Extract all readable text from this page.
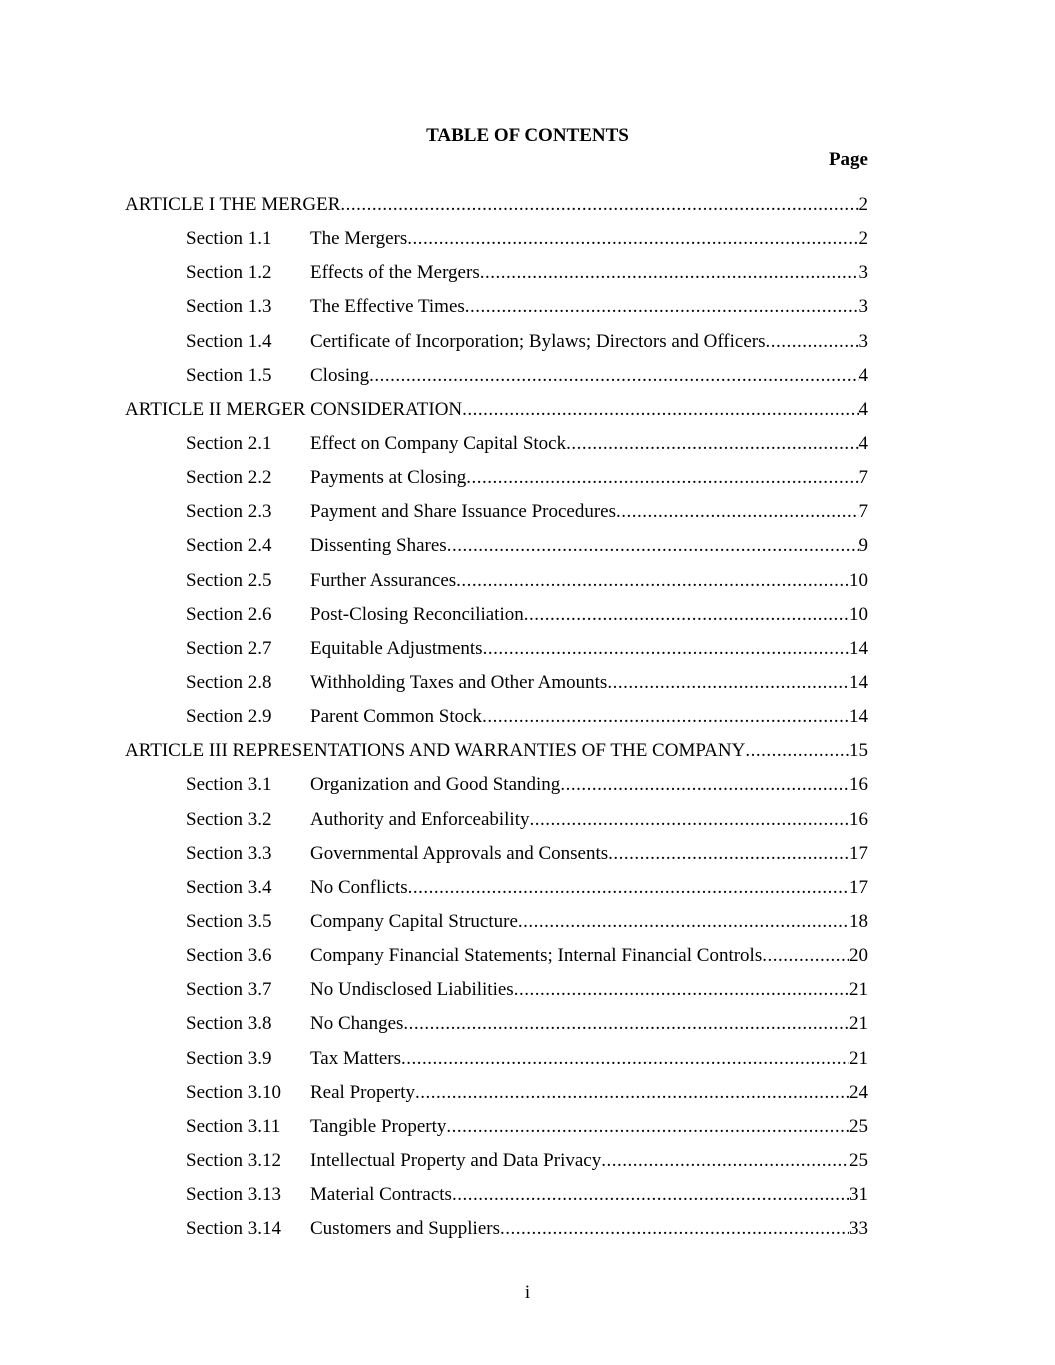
TABLE OF CONTENTS
Page
ARTICLE I THE MERGER .....	2
Section 1.1	The Mergers .....	2
Section 1.2	Effects of the Mergers .....	3
Section 1.3	The Effective Times .....	3
Section 1.4	Certificate of Incorporation; Bylaws; Directors and Officers .....	3
Section 1.5	Closing .....	4
ARTICLE II MERGER CONSIDERATION .....	4
Section 2.1	Effect on Company Capital Stock .....	4
Section 2.2	Payments at Closing .....	7
Section 2.3	Payment and Share Issuance Procedures .....	7
Section 2.4	Dissenting Shares .....	9
Section 2.5	Further Assurances .....	10
Section 2.6	Post-Closing Reconciliation .....	10
Section 2.7	Equitable Adjustments .....	14
Section 2.8	Withholding Taxes and Other Amounts .....	14
Section 2.9	Parent Common Stock .....	14
ARTICLE III REPRESENTATIONS AND WARRANTIES OF THE COMPANY .....	15
Section 3.1	Organization and Good Standing .....	16
Section 3.2	Authority and Enforceability .....	16
Section 3.3	Governmental Approvals and Consents .....	17
Section 3.4	No Conflicts .....	17
Section 3.5	Company Capital Structure .....	18
Section 3.6	Company Financial Statements; Internal Financial Controls .....	20
Section 3.7	No Undisclosed Liabilities .....	21
Section 3.8	No Changes .....	21
Section 3.9	Tax Matters .....	21
Section 3.10	Real Property .....	24
Section 3.11	Tangible Property .....	25
Section 3.12	Intellectual Property and Data Privacy .....	25
Section 3.13	Material Contracts .....	31
Section 3.14	Customers and Suppliers .....	33
i
